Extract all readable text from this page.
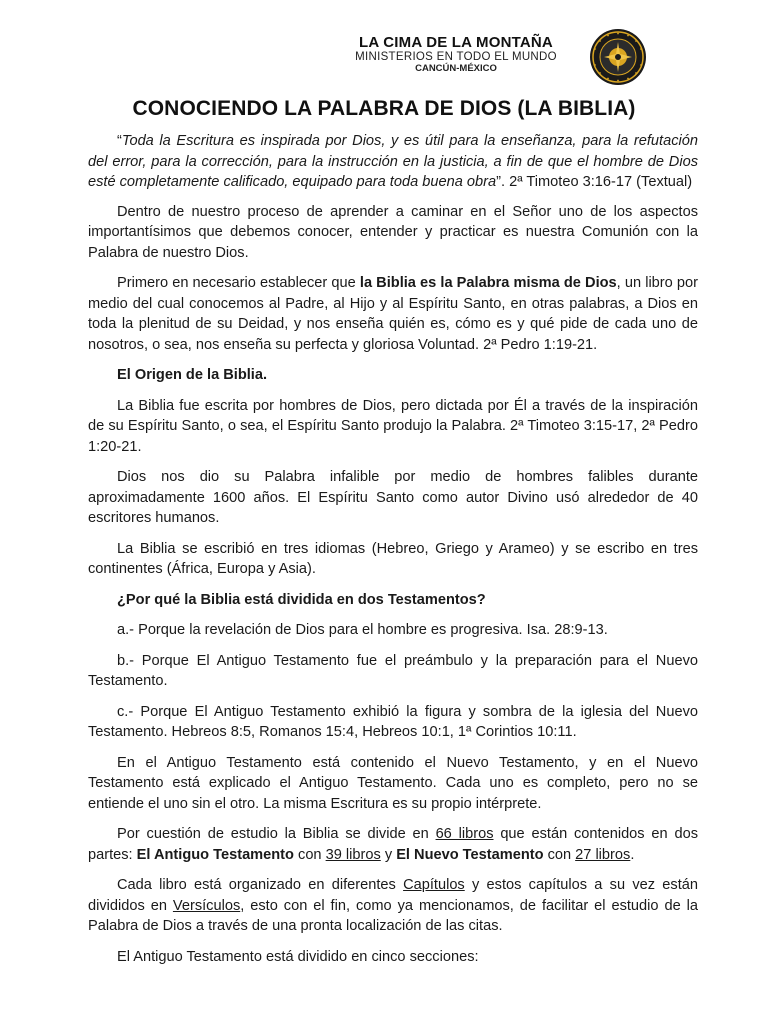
LA CIMA DE LA MONTAÑA
MINISTERIOS EN TODO EL MUNDO
CANCÚN-MÉXICO
CONOCIENDO LA PALABRA DE DIOS (LA BIBLIA)

“Toda la Escritura es inspirada por Dios, y es útil para la enseñanza, para la refutación del error, para la corrección, para la instrucción en la justicia, a fin de que el hombre de Dios esté completamente calificado, equipado para toda buena obra”. 2ª Timoteo 3:16-17 (Textual)

Dentro de nuestro proceso de aprender a caminar en el Señor uno de los aspectos importantísimos que debemos conocer, entender y practicar es nuestra Comunión con la Palabra de nuestro Dios.

Primero en necesario establecer que la Biblia es la Palabra misma de Dios, un libro por medio del cual conocemos al Padre, al Hijo y al Espíritu Santo, en otras palabras, a Dios en toda la plenitud de su Deidad, y nos enseña quién es, cómo es y qué pide de cada uno de nosotros, o sea, nos enseña su perfecta y gloriosa Voluntad. 2ª Pedro 1:19-21.

El Origen de la Biblia.

La Biblia fue escrita por hombres de Dios, pero dictada por Él a través de la inspiración de su Espíritu Santo, o sea, el Espíritu Santo produjo la Palabra. 2ª Timoteo 3:15-17, 2ª Pedro 1:20-21.

Dios nos dio su Palabra infalible por medio de hombres falibles durante aproximadamente 1600 años. El Espíritu Santo como autor Divino usó alrededor de 40 escritores humanos.

La Biblia se escribió en tres idiomas (Hebreo, Griego y Arameo) y se escribo en tres continentes (África, Europa y Asia).

¿Por qué la Biblia está dividida en dos Testamentos?

a.- Porque la revelación de Dios para el hombre es progresiva. Isa. 28:9-13.

b.- Porque El Antiguo Testamento fue el preámbulo y la preparación para el Nuevo Testamento.

c.- Porque El Antiguo Testamento exhibió la figura y sombra de la iglesia del Nuevo Testamento. Hebreos 8:5, Romanos 15:4, Hebreos 10:1, 1ª Corintios 10:11.

En el Antiguo Testamento está contenido el Nuevo Testamento, y en el Nuevo Testamento está explicado el Antiguo Testamento. Cada uno es completo, pero no se entiende el uno sin el otro. La misma Escritura es su propio intérprete.

Por cuestión de estudio la Biblia se divide en 66 libros que están contenidos en dos partes: El Antiguo Testamento con 39 libros y El Nuevo Testamento con 27 libros.

Cada libro está organizado en diferentes Capítulos y estos capítulos a su vez están divididos en Versículos, esto con el fin, como ya mencionamos, de facilitar el estudio de la Palabra de Dios a través de una pronta localización de las citas.

El Antiguo Testamento está dividido en cinco secciones:
